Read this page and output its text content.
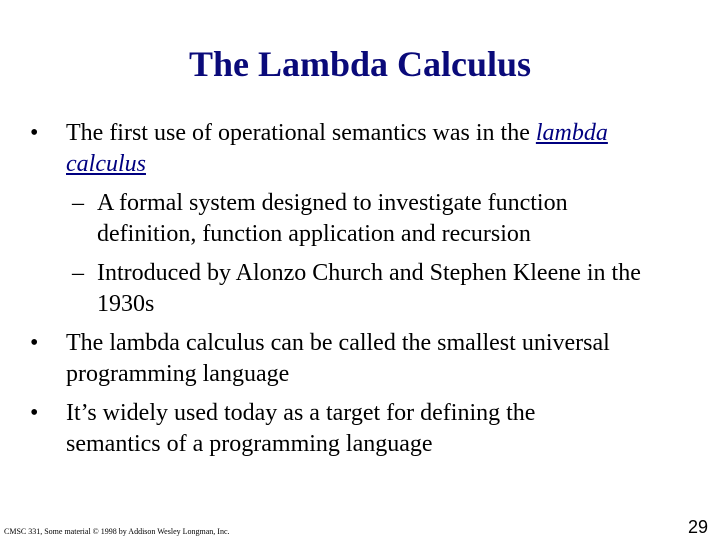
The Lambda Calculus
•	The first use of operational semantics was in the lambda calculus
– A formal system designed to investigate function definition, function application and recursion
– Introduced by Alonzo Church and Stephen Kleene in the 1930s
•	The lambda calculus can be called the smallest universal programming language
•	It’s widely used today as a target for defining the semantics of a programming language
CMSC 331, Some material © 1998 by Addison Wesley Longman, Inc.	29
